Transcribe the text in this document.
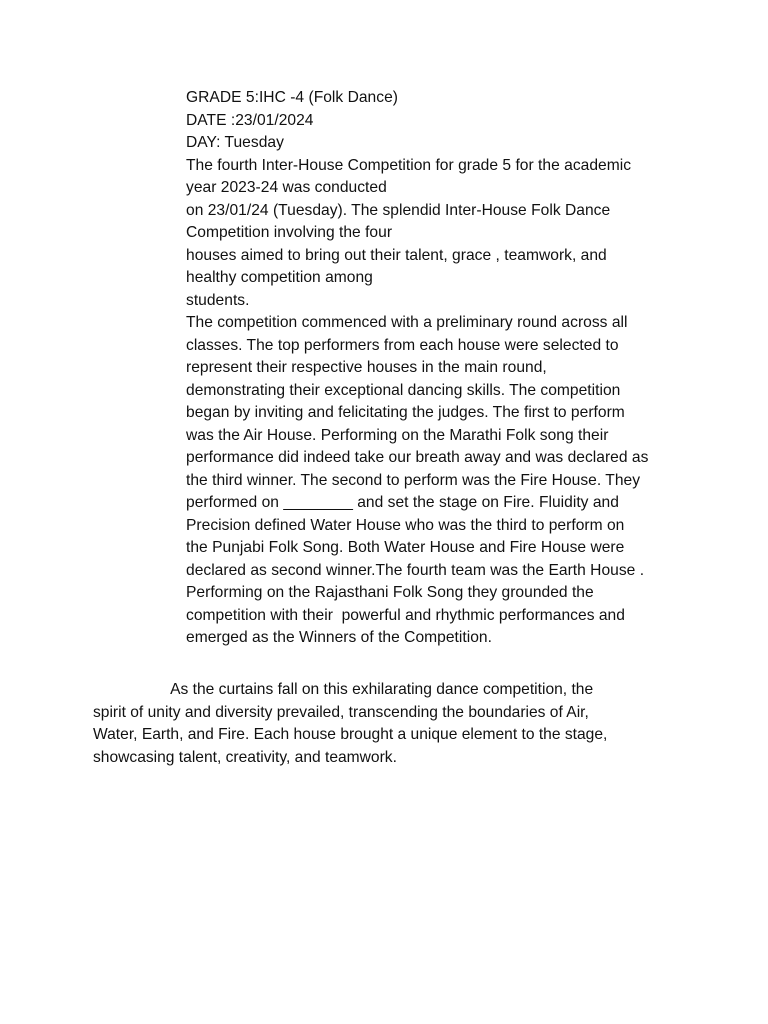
GRADE 5:IHC -4 (Folk Dance)
DATE :23/01/2024
DAY: Tuesday
The fourth Inter-House Competition for grade 5 for the academic
year 2023-24 was conducted
on 23/01/24 (Tuesday). The splendid Inter-House Folk Dance
Competition involving the four
houses aimed to bring out their talent, grace , teamwork, and
healthy competition among
students.
The competition commenced with a preliminary round across all
classes. The top performers from each house were selected to
represent their respective houses in the main round,
demonstrating their exceptional dancing skills. The competition
began by inviting and felicitating the judges. The first to perform
was the Air House. Performing on the Marathi Folk song their
performance did indeed take our breath away and was declared as
the third winner. The second to perform was the Fire House. They
performed on ________ and set the stage on Fire. Fluidity and
Precision defined Water House who was the third to perform on
the Punjabi Folk Song. Both Water House and Fire House were
declared as second winner.The fourth team was the Earth House .
Performing on the Rajasthani Folk Song they grounded the
competition with their  powerful and rhythmic performances and
emerged as the Winners of the Competition.
As the curtains fall on this exhilarating dance competition, the
spirit of unity and diversity prevailed, transcending the boundaries of Air,
Water, Earth, and Fire. Each house brought a unique element to the stage,
showcasing talent, creativity, and teamwork.
